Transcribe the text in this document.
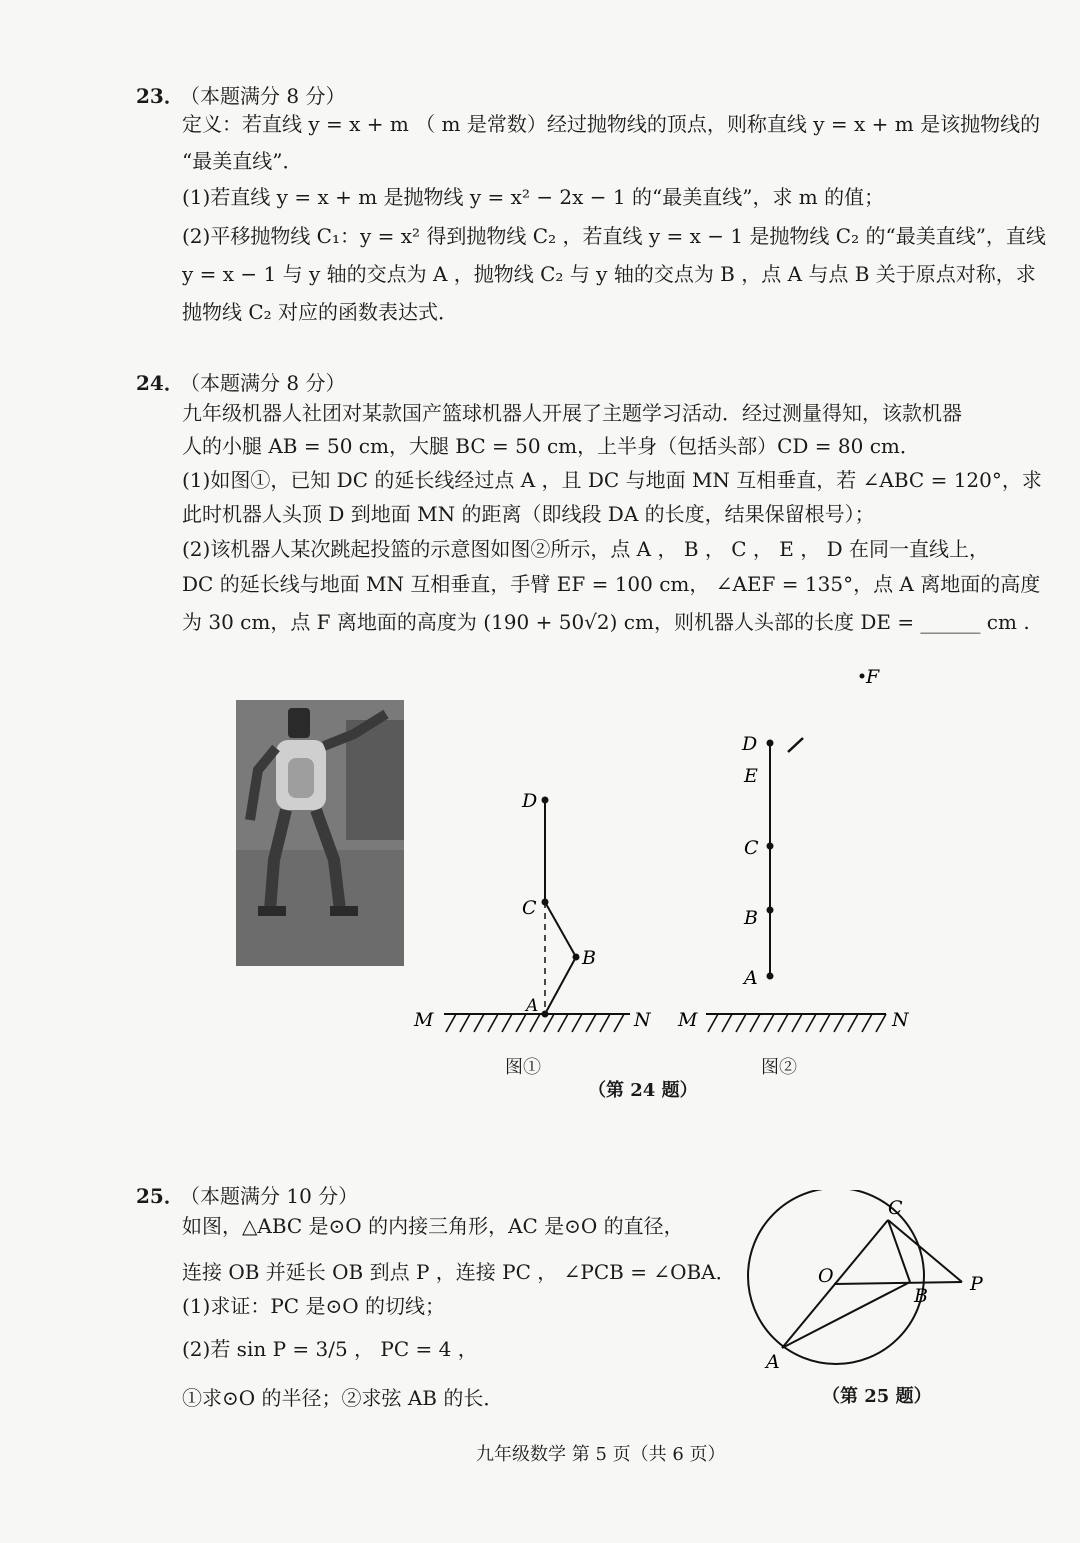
23．
（本题满分 8 分）
定义：若直线 y = x + m （ m 是常数）经过抛物线的顶点，则称直线 y = x + m 是该抛物线的
“最美直线”．
(1)若直线 y = x + m 是抛物线 y = x² − 2x − 1 的“最美直线”，求 m 的值；
(2)平移抛物线 C₁：y = x² 得到抛物线 C₂ ，若直线 y = x − 1 是抛物线 C₂ 的“最美直线”，直线
y = x − 1 与 y 轴的交点为 A ，抛物线 C₂ 与 y 轴的交点为 B ，点 A 与点 B 关于原点对称，求
抛物线 C₂ 对应的函数表达式．
24．
（本题满分 8 分）
九年级机器人社团对某款国产篮球机器人开展了主题学习活动．经过测量得知，该款机器
人的小腿 AB = 50 cm，大腿 BC = 50 cm，上半身（包括头部）CD = 80 cm．
(1)如图①，已知 DC 的延长线经过点 A ，且 DC 与地面 MN 互相垂直，若 ∠ABC = 120°，求
此时机器人头顶 D 到地面 MN 的距离（即线段 DA 的长度，结果保留根号）；
(2)该机器人某次跳起投篮的示意图如图②所示，点 A ， B ， C ， E ， D 在同一直线上，
DC 的延长线与地面 MN 互相垂直，手臂 EF = 100 cm， ∠AEF = 135°，点 A 离地面的高度
为 30 cm，点 F 离地面的高度为 (190 + 50√2) cm，则机器人头部的长度 DE = ______ cm .
D
C
B
A
M	N
图①
F
D
E
C
B
A
M	N
图②
（第 24 题）
25．
（本题满分 10 分）
如图，△ABC 是⊙O 的内接三角形，AC 是⊙O 的直径，
连接 OB 并延长 OB 到点 P ，连接 PC ， ∠PCB = ∠OBA．
(1)求证：PC 是⊙O 的切线；
(2)若 sin P = 3/5 ， PC = 4 ，
①求⊙O 的半径；②求弦 AB 的长．
C
O
B
P
A
（第 25 题）
九年级数学 第 5 页（共 6 页）
